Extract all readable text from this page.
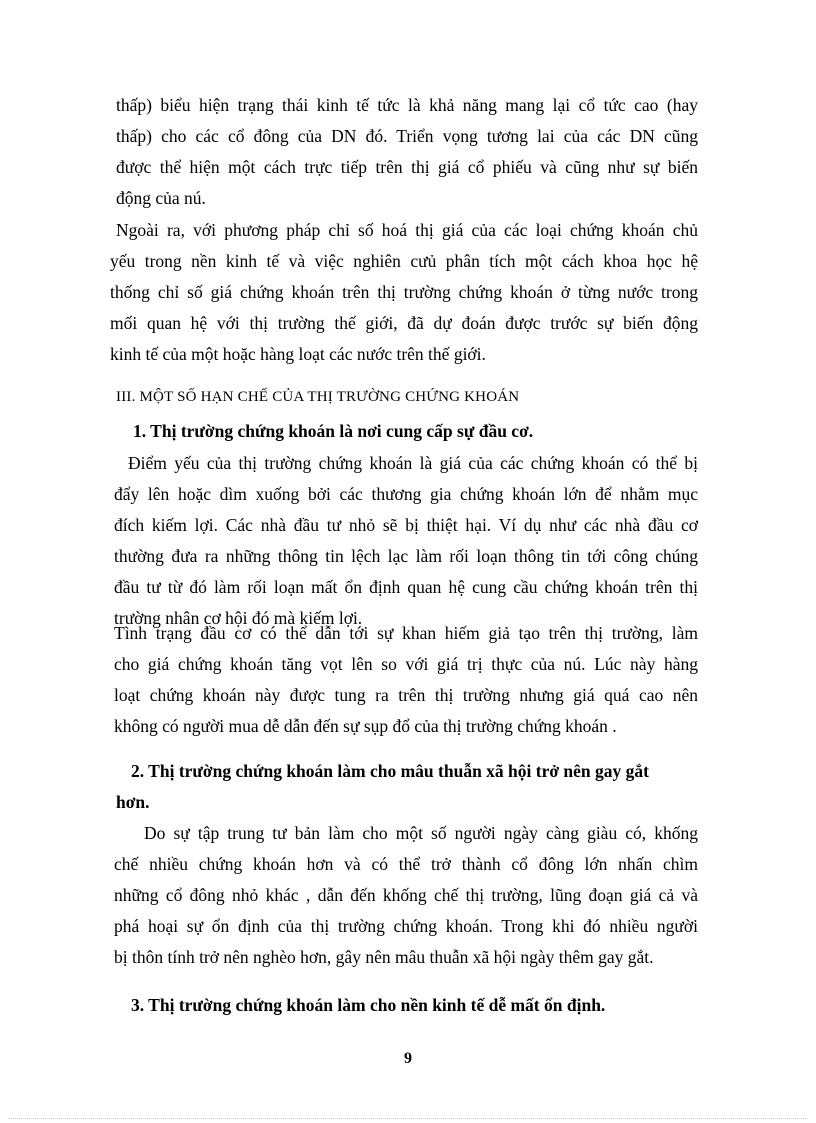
thấp) biểu hiện trạng thái kinh tế tức là khả năng mang lại cổ tức cao (hay
thấp) cho các cổ đông của DN đó. Triển vọng tương lai của các DN cũng
được thể hiện một cách trực tiếp trên thị giá cổ phiếu và cũng như sự biến
động của nú.
Ngoài ra, với phương pháp chỉ số hoá thị giá của các loại chứng khoán chủ
yếu trong nền kinh tế và việc nghiên cưủ phân tích một cách khoa học hệ
thống chỉ số giá chứng khoán trên thị trường chứng khoán ở từng nước trong
mối quan hệ với thị trường thế giới, đã dự đoán được trước sự biến động
kinh tế của một hoặc hàng loạt các nước trên thế giới.
III. MỘT SỐ HẠN CHẾ CỦA THỊ TRƯỜNG CHỨNG KHOÁN
1. Thị trường chứng khoán là nơi cung cấp sự đầu cơ.
Điểm yếu của thị trường chứng khoán là giá của các chứng khoán có thể bị
đẩy lên hoặc dìm xuống bởi các thương gia chứng khoán lớn để nhằm mục
đích kiếm lợi. Các nhà đầu tư nhỏ sẽ bị thiệt hại. Ví dụ như các nhà đầu cơ
thường đưa ra những thông tin lệch lạc làm rối loạn thông tin tới công chúng
đầu tư từ đó làm rối loạn mất ổn định quan hệ cung cầu chứng khoán trên thị
trường nhân cơ hội đó mà kiếm lợi.
Tình trạng đầu cơ có thể dẫn tới sự khan hiếm giả tạo trên thị trường, làm
cho giá chứng khoán tăng vọt lên so với giá trị thực của nú. Lúc này hàng
loạt chứng khoán này được tung ra trên thị trường nhưng giá quá cao nên
không có người mua dễ dẫn đến sự sụp đổ của thị trường chứng khoán .
2. Thị trường chứng khoán làm cho mâu thuẫn xã hội trở nên gay gắt
hơn.
Do sự tập trung tư bản làm cho một số người ngày càng giàu có, khống
chế nhiều chứng khoán hơn và có thể trở thành cổ đông lớn nhấn chìm
những cổ đông nhỏ khác , dẫn đến khống chế thị trường, lũng đoạn giá cả và
phá hoại sự ổn định của thị trường chứng khoán. Trong khi đó nhiều người
bị thôn tính trở nên nghèo hơn, gây nên mâu thuẫn xã hội ngày thêm gay gắt.
3. Thị trường chứng khoán làm cho nền kinh tế dễ mất ổn định.
9
